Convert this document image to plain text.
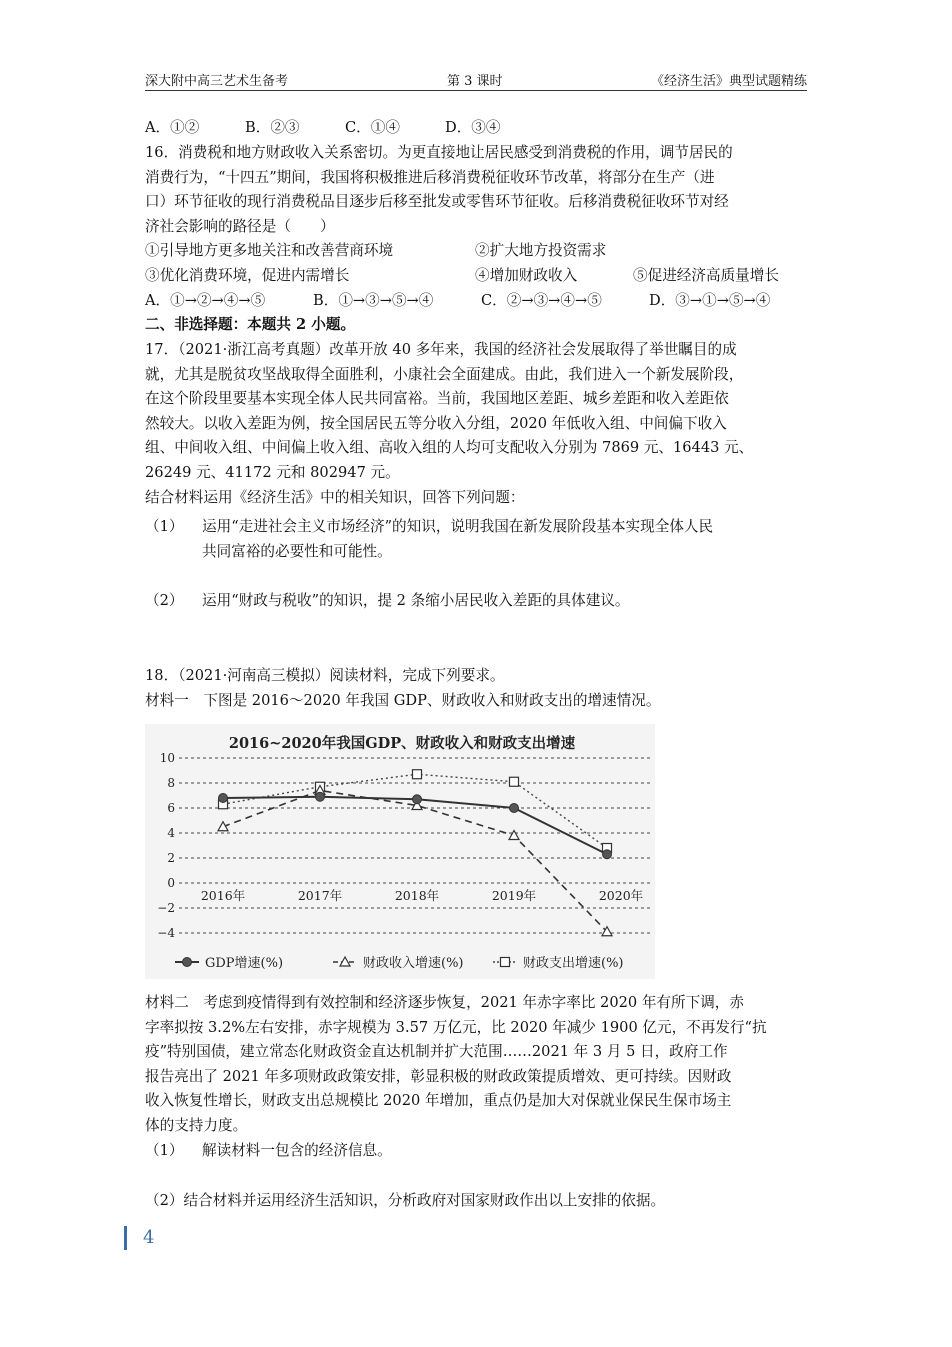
深大附中高三艺术生备考	第 3 课时	《经济生活》典型试题精练
A．①②	B．②③	C．①④	D．③④
16．消费税和地方财政收入关系密切。为更直接地让居民感受到消费税的作用，调节居民的
消费行为，“十四五”期间，我国将积极推进后移消费税征收环节改革，将部分在生产（进
口）环节征收的现行消费税品目逐步后移至批发或零售环节征收。后移消费税征收环节对经
济社会影响的路径是（　　）
①引导地方更多地关注和改善营商环境	②扩大地方投资需求
③优化消费环境，促进内需增长	④增加财政收入	⑤促进经济高质量增长
A．①→②→④→⑤	B．①→③→⑤→④	C．②→③→④→⑤	D．③→①→⑤→④
二、非选择题：本题共 2 小题。
17．（2021·浙江高考真题）改革开放 40 多年来，我国的经济社会发展取得了举世瞩目的成
就，尤其是脱贫攻坚战取得全面胜利，小康社会全面建成。由此，我们进入一个新发展阶段，
在这个阶段里要基本实现全体人民共同富裕。当前，我国地区差距、城乡差距和收入差距依
然较大。以收入差距为例，按全国居民五等分收入分组，2020 年低收入组、中间偏下收入
组、中间收入组、中间偏上收入组、高收入组的人均可支配收入分别为 7869 元、16443 元、
26249 元、41172 元和 802947 元。
结合材料运用《经济生活》中的相关知识，回答下列问题：
（1） 运用“走进社会主义市场经济”的知识，说明我国在新发展阶段基本实现全体人民
共同富裕的必要性和可能性。
（2） 运用“财政与税收”的知识，提 2 条缩小居民收入差距的具体建议。
18．（2021·河南高三模拟）阅读材料，完成下列要求。
材料一　下图是 2016～2020 年我国 GDP、财政收入和财政支出的增速情况。
2016~2020年我国GDP、财政收入和财政支出增速
10
8
6
4
2
0
−2
−4
2016年	2017年	2018年	2019年	2020年
GDP增速(%)	财政收入增速(%)	财政支出增速(%)
材料二　考虑到疫情得到有效控制和经济逐步恢复，2021 年赤字率比 2020 年有所下调，赤
字率拟按 3.2%左右安排，赤字规模为 3.57 万亿元，比 2020 年减少 1900 亿元，不再发行“抗
疫”特别国债，建立常态化财政资金直达机制并扩大范围……2021 年 3 月 5 日，政府工作
报告亮出了 2021 年多项财政政策安排，彰显积极的财政政策提质增效、更可持续。因财政
收入恢复性增长，财政支出总规模比 2020 年增加，重点仍是加大对保就业保民生保市场主
体的支持力度。
（1） 解读材料一包含的经济信息。
（2）结合材料并运用经济生活知识，分析政府对国家财政作出以上安排的依据。
4
